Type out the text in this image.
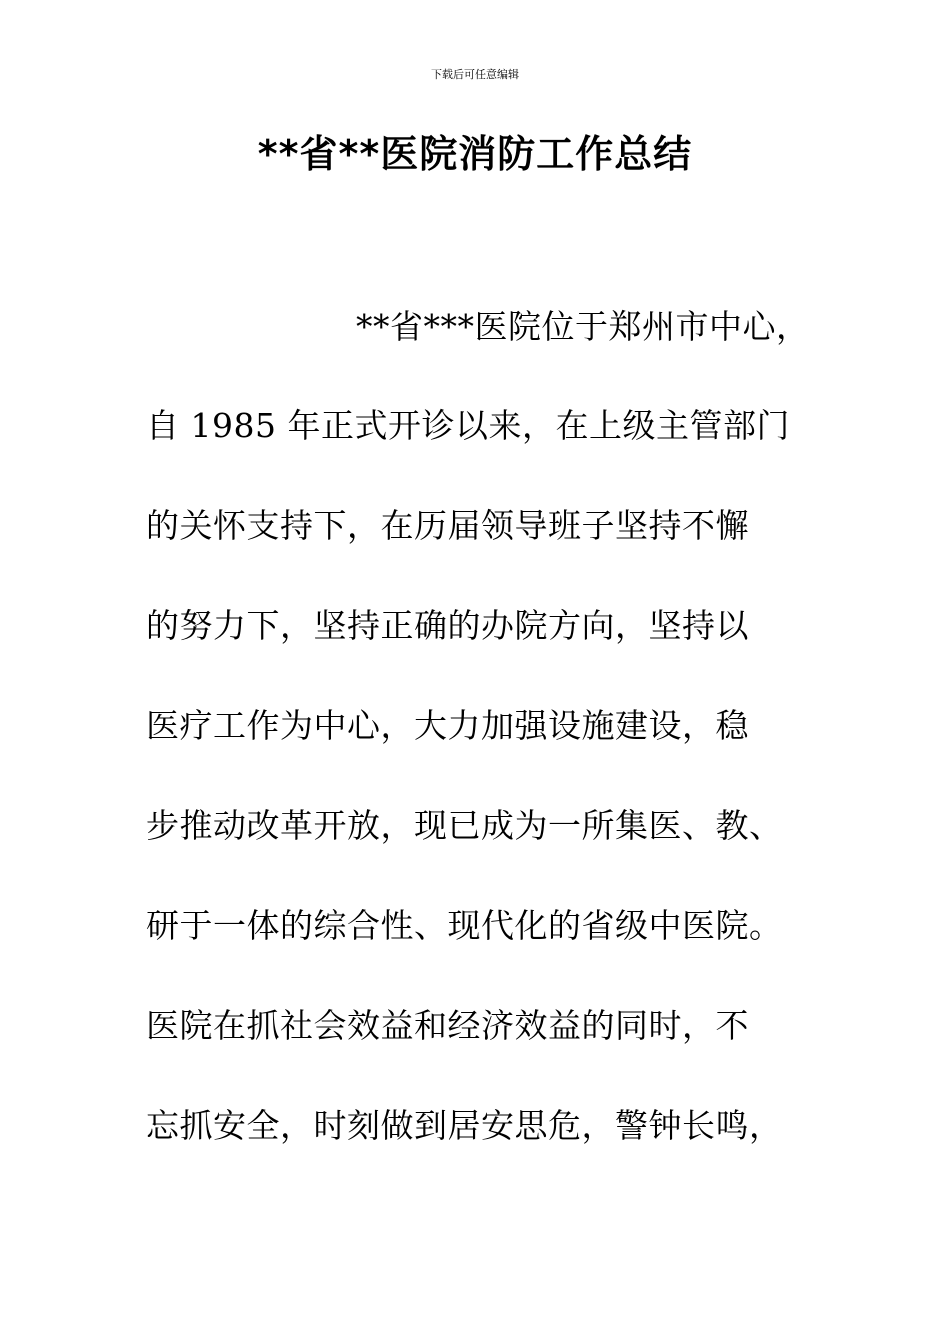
下载后可任意编辑
**省**医院消防工作总结
**省***医院位于郑州市中心，
自 1985 年正式开诊以来，在上级主管部门
的关怀支持下，在历届领导班子坚持不懈
的努力下，坚持正确的办院方向，坚持以
医疗工作为中心，大力加强设施建设，稳
步推动改革开放，现已成为一所集医、教、
研于一体的综合性、现代化的省级中医院。
医院在抓社会效益和经济效益的同时，不
忘抓安全，时刻做到居安思危，警钟长鸣，
